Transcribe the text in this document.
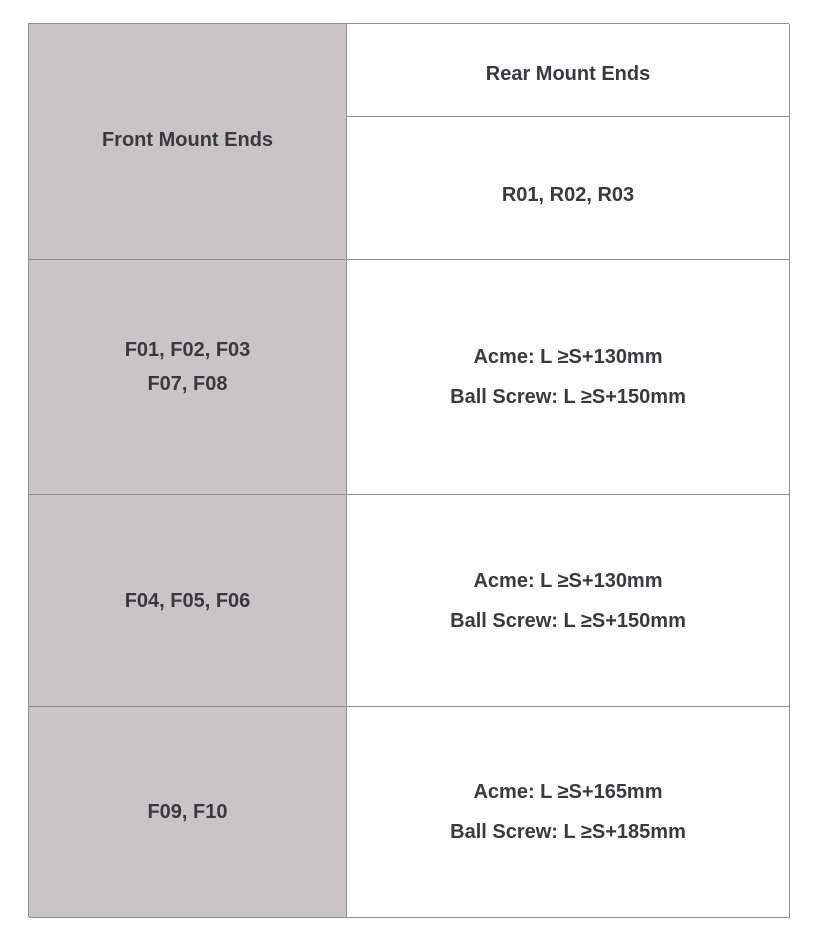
Front Mount Ends
Rear Mount Ends
R01, R02, R03
F01, F02, F03
F07, F08
Acme: L ≥S+130mm
Ball Screw: L ≥S+150mm
F04, F05, F06
Acme: L ≥S+130mm
Ball Screw: L ≥S+150mm
F09, F10
Acme: L ≥S+165mm
Ball Screw: L ≥S+185mm
